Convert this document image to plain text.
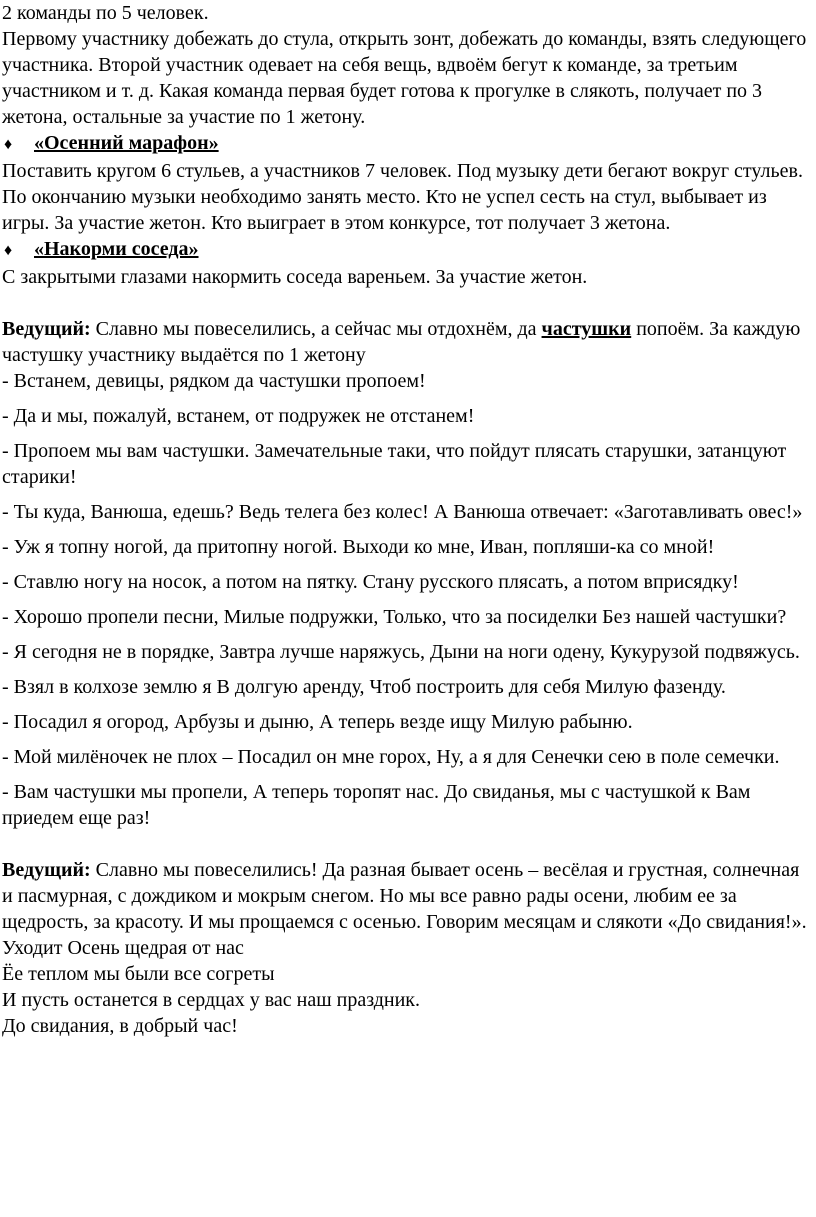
2 команды по 5 человек.

Первому участнику добежать до стула, открыть зонт, добежать до команды, взять следующего участника. Второй участник одевает на себя вещь, вдвоём бегут к команде, за третьим участником и т. д. Какая команда первая будет готова к прогулке в слякоть, получает по 3 жетона, остальные за участие по 1 жетону.

♦	«Осенний марафон»

Поставить кругом 6 стульев, а участников 7 человек. Под музыку дети бегают вокруг стульев. По окончанию музыки необходимо занять место. Кто не успел сесть на стул, выбывает из игры. За участие жетон. Кто выиграет в этом конкурсе, тот получает 3 жетона.

♦	«Накорми соседа»

С закрытыми глазами накормить соседа вареньем. За участие жетон.

Ведущий: Славно мы повеселились, а сейчас мы отдохнём, да частушки попоём. За каждую частушку участнику выдаётся по 1 жетону

- Встанем, девицы, рядком да частушки пропоем!

- Да и мы, пожалуй, встанем, от подружек не отстанем!

- Пропоем мы вам частушки. Замечательные таки, что пойдут плясать старушки, затанцуют старики!

- Ты куда, Ванюша, едешь? Ведь телега без колес! А Ванюша отвечает: «Заготавливать овес!»

- Уж я топну ногой, да притопну ногой. Выходи ко мне, Иван, попляши-ка со мной!

- Ставлю ногу на носок, а потом на пятку. Стану русского плясать, а потом вприсядку!

- Хорошо пропели песни, Милые подружки, Только, что за посиделки Без нашей частушки?

- Я сегодня не в порядке, Завтра лучше наряжусь, Дыни на ноги одену, Кукурузой подвяжусь.

- Взял в колхозе землю я В долгую аренду, Чтоб построить для себя Милую фазенду.

- Посадил я огород, Арбузы и дыню, А теперь везде ищу Милую рабыню.

- Мой милёночек не плох – Посадил он мне горох, Ну, а я для Сенечки сею в поле семечки.

- Вам частушки мы пропели, А теперь торопят нас. До свиданья, мы с частушкой к Вам приедем еще раз!

Ведущий: Славно мы повеселились! Да разная бывает осень – весёлая и грустная, солнечная и пасмурная, с дождиком и мокрым снегом. Но мы все равно рады осени, любим ее за щедрость, за красоту. И мы прощаемся с осенью. Говорим месяцам и слякоти «До свидания!».

Уходит Осень щедрая от нас

Ёе теплом мы были все согреты

И пусть останется в сердцах у вас наш праздник.

До свидания, в добрый час!
